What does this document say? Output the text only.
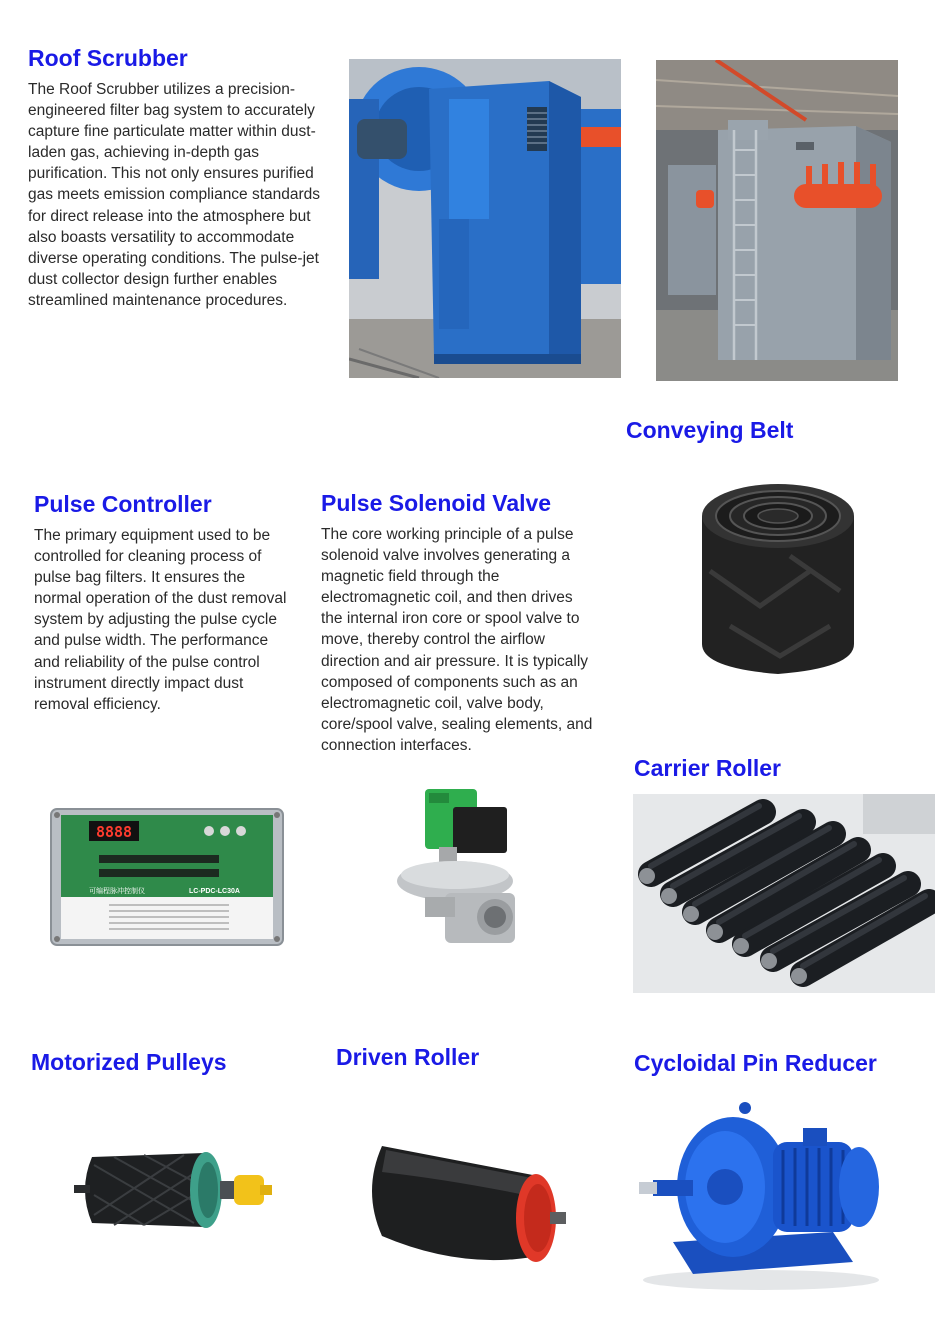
Roof Scrubber

The Roof Scrubber utilizes a precision-engineered filter bag system to accurately capture fine particulate matter within dust-laden gas, achieving in-depth gas purification. This not only ensures purified gas meets emission compliance standards for direct release into the atmosphere but also boasts versatility to accommodate diverse operating conditions. The pulse-jet dust collector design further enables streamlined maintenance procedures.

Conveying Belt
Pulse Controller

The primary equipment used to be controlled for cleaning process of pulse bag filters. It ensures the normal operation of the dust removal system by adjusting the pulse cycle and pulse width. The performance and reliability of the pulse control instrument directly impact dust removal efficiency.

Pulse Solenoid Valve

The core working principle of a pulse solenoid valve involves generating a magnetic field through the electromagnetic coil, and then drives the internal iron core or spool valve to move, thereby control the airflow direction and air pressure. It is typically composed of components such as an electromagnetic coil, valve body, core/spool valve, sealing elements, and connection interfaces.

8888
可编程脉冲控制仪	LC-PDC-LC30A
Carrier Roller
Motorized Pulleys	Driven Roller	Cycloidal Pin Reducer
